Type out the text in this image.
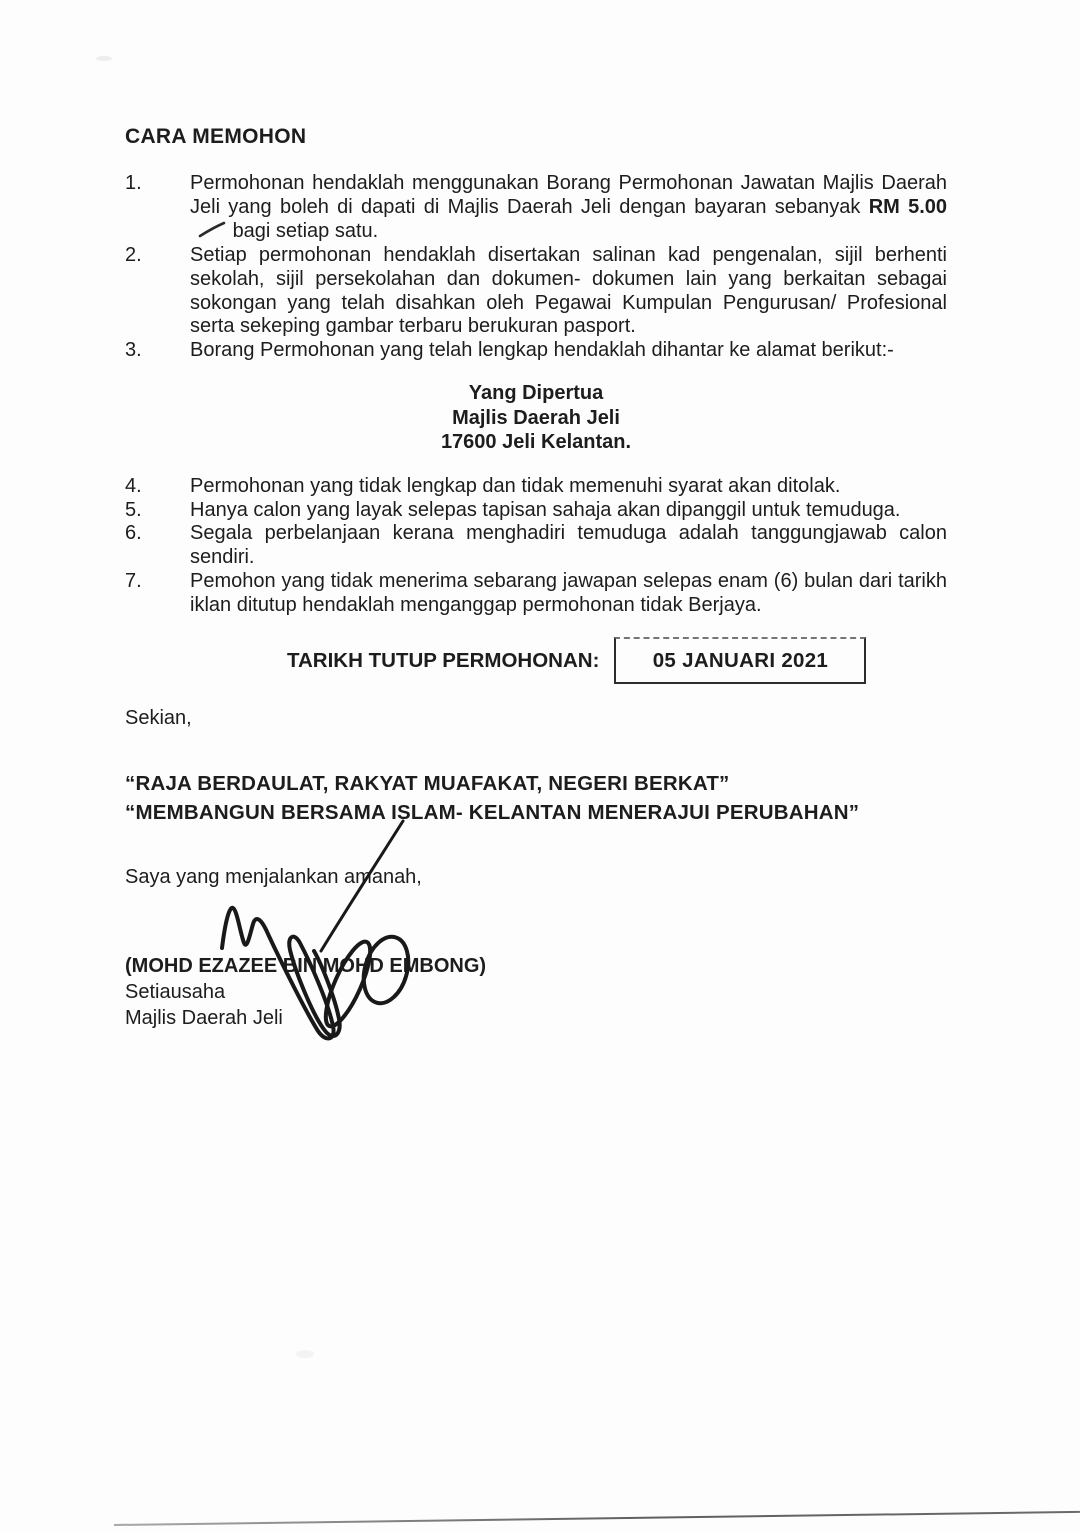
CARA MEMOHON
1.	Permohonan hendaklah menggunakan Borang Permohonan Jawatan Majlis Daerah Jeli yang boleh di dapati di Majlis Daerah Jeli dengan bayaran sebanyak RM 5.00 bagi setiap satu.
2.	Setiap permohonan hendaklah disertakan salinan kad pengenalan, sijil berhenti sekolah, sijil persekolahan dan dokumen- dokumen lain yang berkaitan sebagai sokongan yang telah disahkan oleh Pegawai Kumpulan Pengurusan/ Profesional serta sekeping gambar terbaru berukuran pasport.
3.	Borang Permohonan yang telah lengkap hendaklah dihantar ke alamat berikut:-
Yang Dipertua
Majlis Daerah Jeli
17600 Jeli Kelantan.
4.	Permohonan yang tidak lengkap dan tidak memenuhi syarat akan ditolak.
5.	Hanya calon yang layak selepas tapisan sahaja akan dipanggil untuk temuduga.
6.	Segala perbelanjaan kerana menghadiri temuduga adalah tanggungjawab calon sendiri.
7.	Pemohon yang tidak menerima sebarang jawapan selepas enam (6) bulan dari tarikh iklan ditutup hendaklah menganggap permohonan tidak Berjaya.
TARIKH TUTUP PERMOHONAN:	05 JANUARI 2021
Sekian,
“RAJA BERDAULAT, RAKYAT MUAFAKAT, NEGERI BERKAT”
“MEMBANGUN BERSAMA ISLAM- KELANTAN MENERAJUI PERUBAHAN”
Saya yang menjalankan amanah,
(MOHD EZAZEE BIN MOHD EMBONG)
Setiausaha
Majlis Daerah Jeli
